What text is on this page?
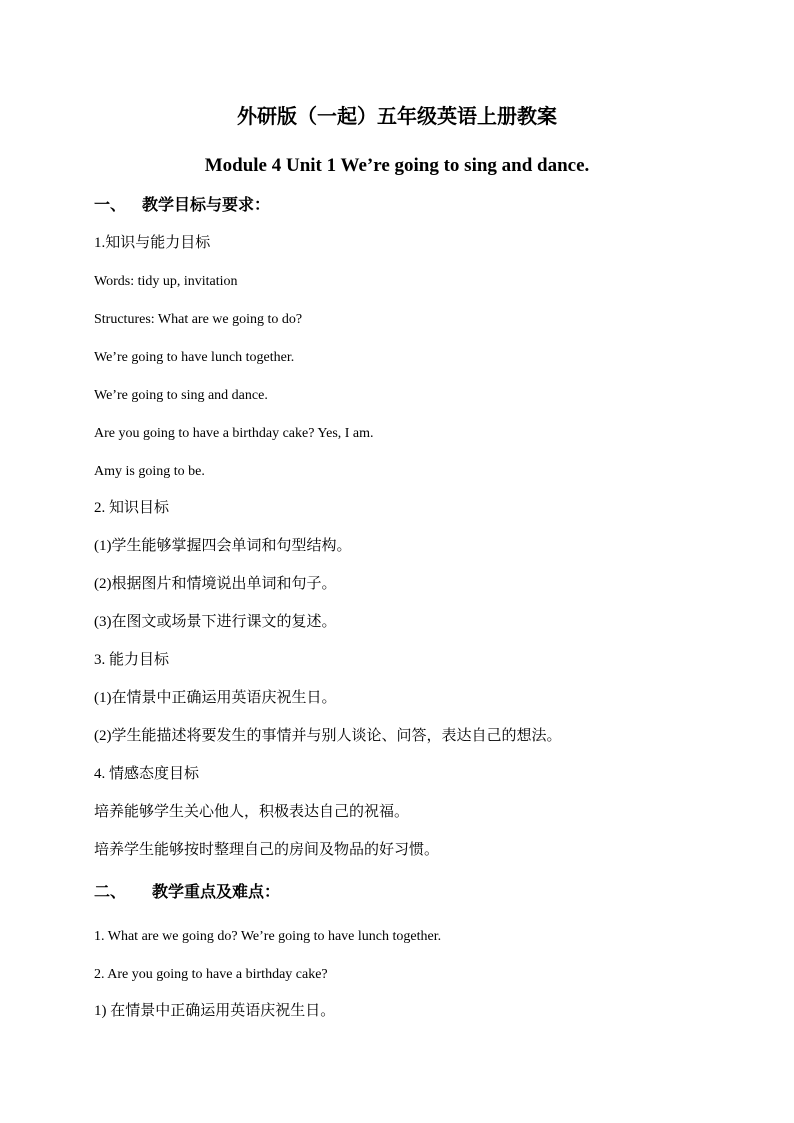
外研版（一起）五年级英语上册教案
Module 4 Unit 1 We’re going to sing and dance.
一、 教学目标与要求：
1.知识与能力目标
Words: tidy up, invitation
Structures: What are we going to do?
We’re going to have lunch together.
We’re going to sing and dance.
Are you going to have a birthday cake? Yes, I am.
Amy is going to be.
2. 知识目标
(1)学生能够掌握四会单词和句型结构。
(2)根据图片和情境说出单词和句子。
(3)在图文或场景下进行课文的复述。
3. 能力目标
(1)在情景中正确运用英语庆祝生日。
(2)学生能描述将要发生的事情并与别人谈论、问答，表达自己的想法。
4. 情感态度目标
培养能够学生关心他人，积极表达自己的祝福。
培养学生能够按时整理自己的房间及物品的好习惯。
二、 教学重点及难点：
1. What are we going do? We’re going to have lunch together.
2. Are you going to have a birthday cake?
1) 在情景中正确运用英语庆祝生日。
